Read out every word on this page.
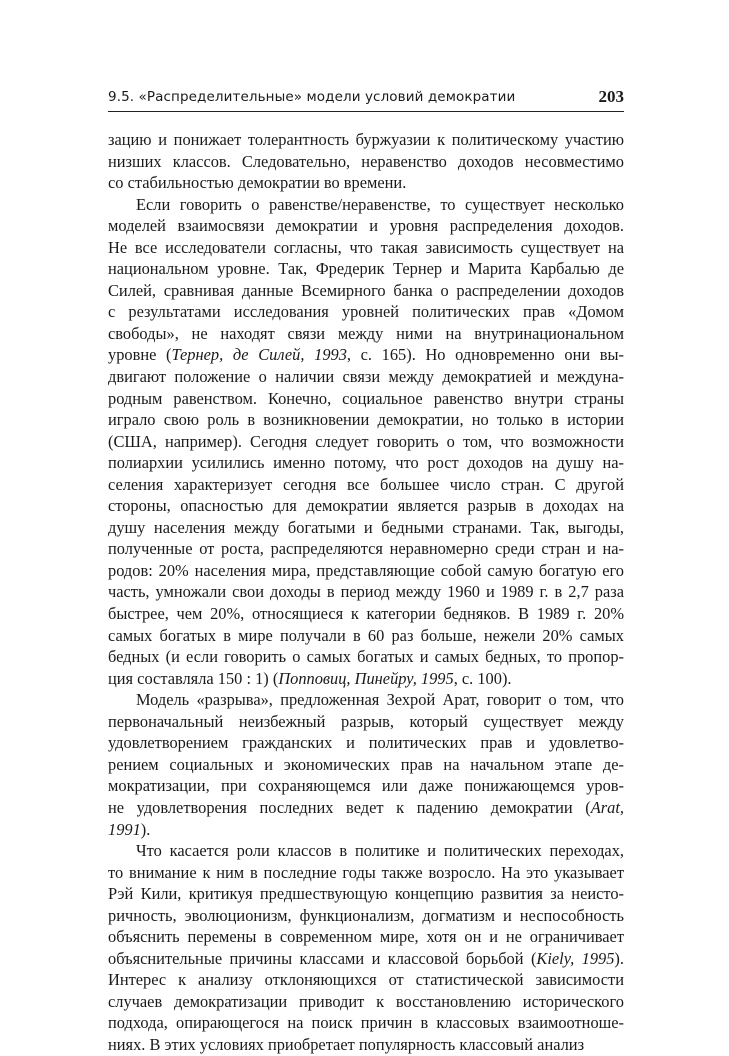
9.5. «Распределительные» модели условий демократии	203
зацию и понижает толерантность буржуазии к политическому участию
низших классов. Следовательно, неравенство доходов несовместимо
со стабильностью демократии во времени.
Если говорить о равенстве/неравенстве, то существует несколько
моделей взаимосвязи демократии и уровня распределения доходов.
Не все исследователи согласны, что такая зависимость существует на
национальном уровне. Так, Фредерик Тернер и Марита Карбалью де
Силей, сравнивая данные Всемирного банка о распределении доходов
с результатами исследования уровней политических прав «Домом
свободы», не находят связи между ними на внутринациональном
уровне (Тернер, де Силей, 1993, с. 165). Но одновременно они вы-
двигают положение о наличии связи между демократией и междуна-
родным равенством. Конечно, социальное равенство внутри страны
играло свою роль в возникновении демократии, но только в истории
(США, например). Сегодня следует говорить о том, что возможности
полиархии усилились именно потому, что рост доходов на душу на-
селения характеризует сегодня все большее число стран. С другой
стороны, опасностью для демократии является разрыв в доходах на
душу населения между богатыми и бедными странами. Так, выгоды,
полученные от роста, распределяются неравномерно среди стран и на-
родов: 20% населения мира, представляющие собой самую богатую его
часть, умножали свои доходы в период между 1960 и 1989 г. в 2,7 раза
быстрее, чем 20%, относящиеся к категории бедняков. В 1989 г. 20%
самых богатых в мире получали в 60 раз больше, нежели 20% самых
бедных (и если говорить о самых богатых и самых бедных, то пропор-
ция составляла 150 : 1) (Попповиц, Пинейру, 1995, с. 100).
Модель «разрыва», предложенная Зехрой Арат, говорит о том, что
первоначальный неизбежный разрыв, который существует между
удовлетворением гражданских и политических прав и удовлетво-
рением социальных и экономических прав на начальном этапе де-
мократизации, при сохраняющемся или даже понижающемся уров-
не удовлетворения последних ведет к падению демократии (Arat,
1991).
Что касается роли классов в политике и политических переходах,
то внимание к ним в последние годы также возросло. На это указывает
Рэй Кили, критикуя предшествующую концепцию развития за неисто-
ричность, эволюционизм, функционализм, догматизм и неспособность
объяснить перемены в современном мире, хотя он и не ограничивает
объяснительные причины классами и классовой борьбой (Kiely, 1995).
Интерес к анализу отклоняющихся от статистической зависимости
случаев демократизации приводит к восстановлению исторического
подхода, опирающегося на поиск причин в классовых взаимоотноше-
ниях. В этих условиях приобретает популярность классовый анализ
